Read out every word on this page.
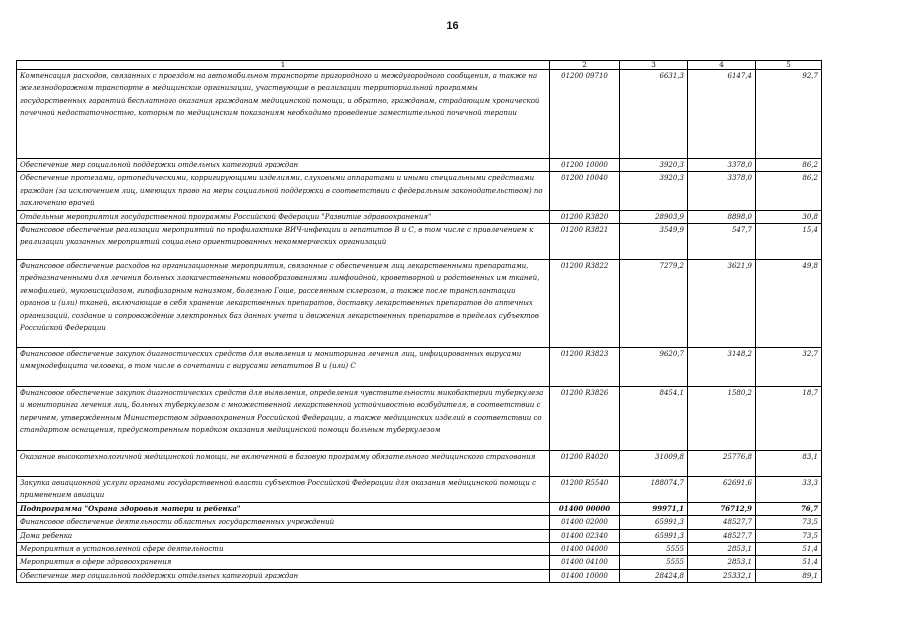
16
1	2	3	4	5
Компенсация расходов, связанных с проездом на автомобильном транспорте пригородного и междугородного сообщения, а также на железнодорожном транспорте в медицинские организации, участвующие в реализации территориальной программы государственных гарантий бесплатного оказания гражданам медицинской помощи, и обратно, гражданам, страдающим хронической почечной недостаточностью, которым по медицинским показаниям необходимо проведение заместительной почечной терапии	01200 09710	6631,3	6147,4	92,7
Обеспечение мер социальной поддержки отдельных категорий граждан	01200 10000	3920,3	3378,0	86,2
Обеспечение протезами, ортопедическими, корригирующими изделиями, слуховыми аппаратами и иными специальными средствами граждан (за исключением лиц, имеющих право на меры социальной поддержки в соответствии с федеральным законодательством) по заключению врачей	01200 10040	3920,3	3378,0	86,2
Отдельные мероприятия государственной программы Российской Федерации "Развитие здравоохранения"	01200 R3820	28903,9	8898,0	30,8
Финансовое обеспечение реализации мероприятий по профилактике ВИЧ-инфекции и гепатитов В и С, в том числе с привлечением к реализации указанных мероприятий социально ориентированных некоммерческих организаций	01200 R3821	3549,9	547,7	15,4
Финансовое обеспечение расходов на организационные мероприятия, связанные с обеспечением лиц лекарственными препаратами, предназначенными для лечения больных злокачественными новообразованиями лимфоидной, кроветворной и родственных им тканей, гемофилией, муковисцидозом, гипофизарным нанизмом, болезнью Гоше, рассеянным склерозом, а также после трансплантации органов и (или) тканей, включающие в себя хранение лекарственных препаратов, доставку лекарственных препаратов до аптечных организаций, создание и сопровождение электронных баз данных учета и движения лекарственных препаратов в пределах субъектов Российской Федерации	01200 R3822	7279,2	3621,9	49,8
Финансовое обеспечение закупок диагностических средств для выявления и мониторинга лечения лиц, инфицированных вирусами иммунодефицита человека, в том числе в сочетании с вирусами гепатитов В и (или) С	01200 R3823	9620,7	3148,2	32,7
Финансовое обеспечение закупок диагностических средств для выявления, определения чувствительности микобактерии туберкулеза и мониторинга лечения лиц, больных туберкулезом с множественной лекарственной устойчивостью возбудителя, в соответствии с перечнем, утвержденным Министерством здравоохранения Российской Федерации, а также медицинских изделий в соответствии со стандартом оснащения, предусмотренным порядком оказания медицинской помощи больным туберкулезом	01200 R3826	8454,1	1580,2	18,7
Оказание высокотехнологичной медицинской помощи, не включенной в базовую программу обязательного медицинского страхования	01200 R4020	31009,8	25776,8	83,1
Закупка авиационной услуги органами государственной власти субъектов Российской Федерации для оказания медицинской помощи с применением авиации	01200 R5540	188074,7	62691,6	33,3
Подпрограмма "Охрана здоровья матери и ребенка"	01400 00000	99971,1	76712,9	76,7
Финансовое обеспечение деятельности областных государственных учреждений	01400 02000	65991,3	48527,7	73,5
Дома ребенка	01400 02340	65991,3	48527,7	73,5
Мероприятия в установленной сфере деятельности	01400 04000	5555	2853,1	51,4
Мероприятия в сфере здравоохранения	01400 04100	5555	2853,1	51,4
Обеспечение мер социальной поддержки отдельных категорий граждан	01400 10000	28424,8	25332,1	89,1
